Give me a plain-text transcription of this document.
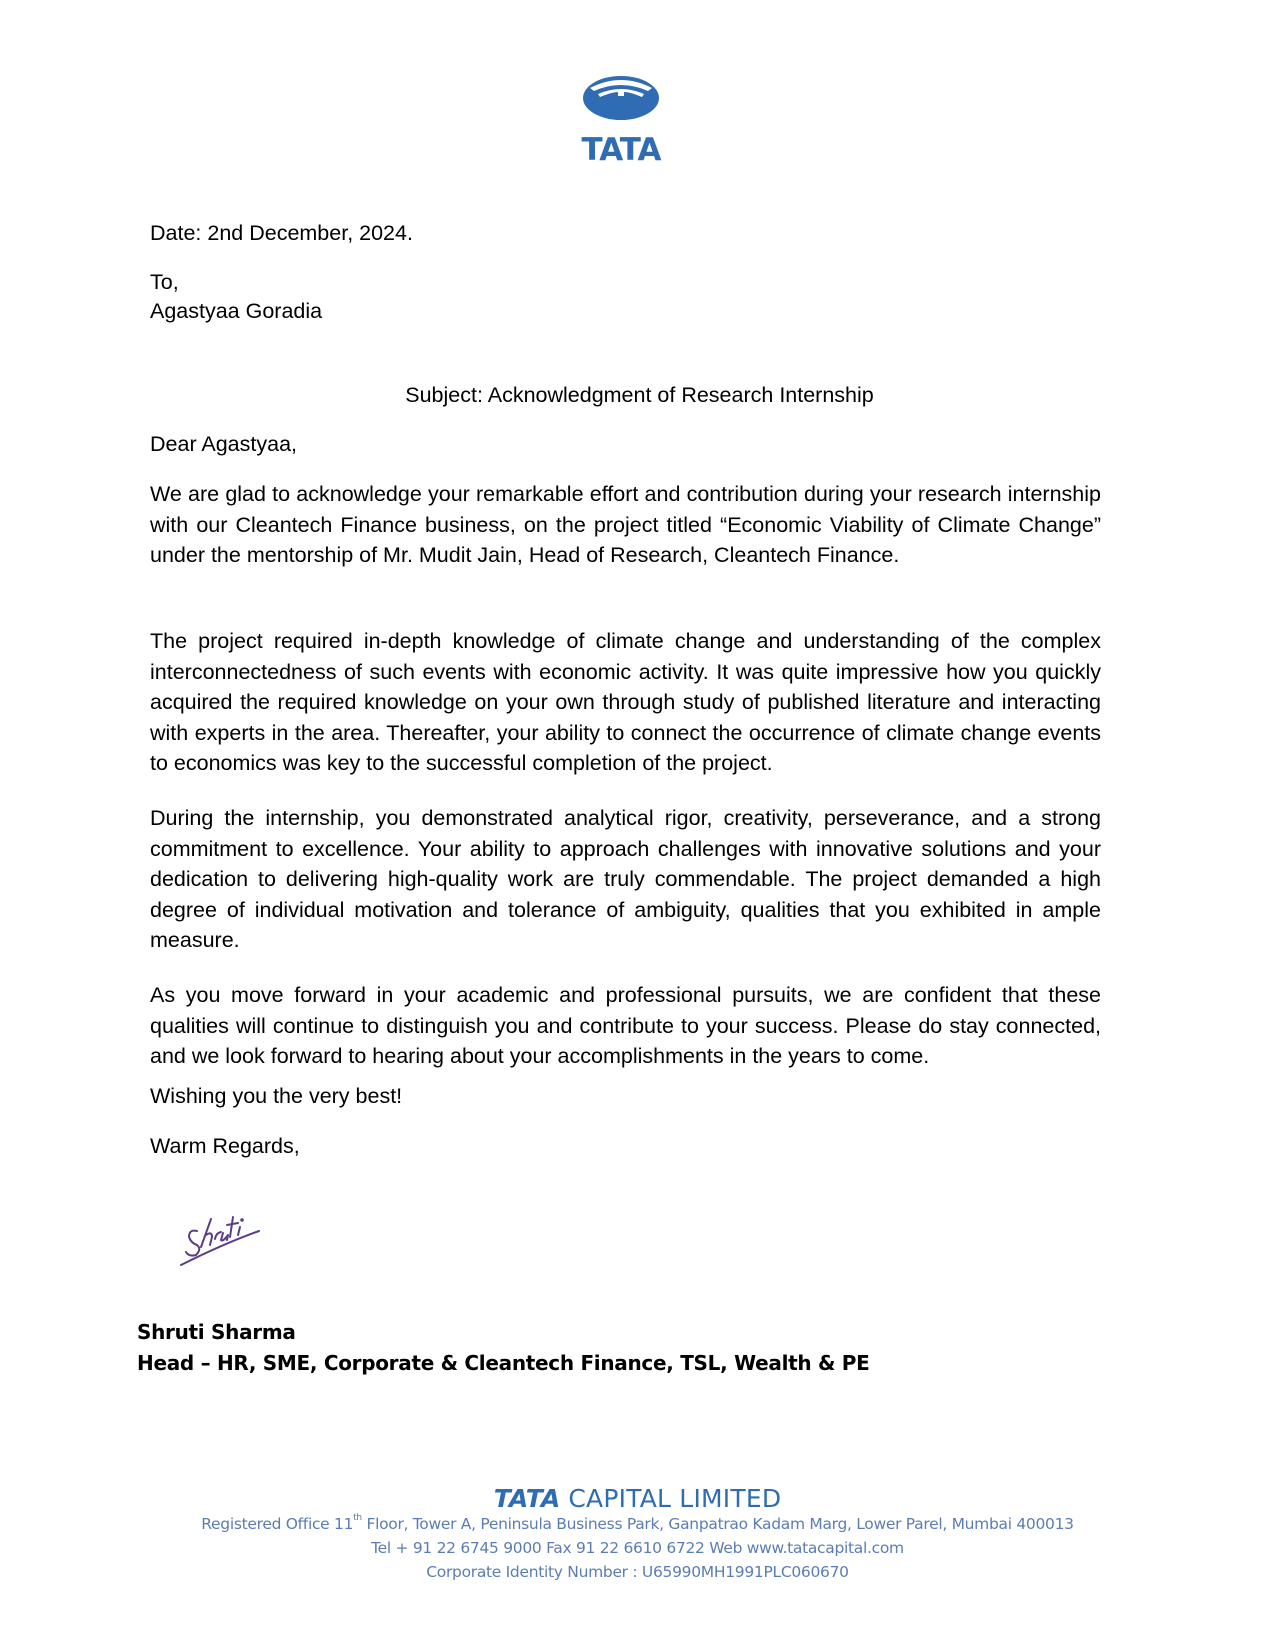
TATA
Date: 2nd December, 2024.
To,
Agastyaa Goradia
Subject: Acknowledgment of Research Internship
Dear Agastyaa,

We are glad to acknowledge your remarkable effort and contribution during your research internship with our Cleantech Finance business, on the project titled “Economic Viability of Climate Change” under the mentorship of Mr. Mudit Jain, Head of Research, Cleantech Finance.

The project required in-depth knowledge of climate change and understanding of the complex interconnectedness of such events with economic activity. It was quite impressive how you quickly acquired the required knowledge on your own through study of published literature and interacting with experts in the area. Thereafter, your ability to connect the occurrence of climate change events to economics was key to the successful completion of the project.

During the internship, you demonstrated analytical rigor, creativity, perseverance, and a strong commitment to excellence. Your ability to approach challenges with innovative solutions and your dedication to delivering high-quality work are truly commendable. The project demanded a high degree of individual motivation and tolerance of ambiguity, qualities that you exhibited in ample measure.

As you move forward in your academic and professional pursuits, we are confident that these qualities will continue to distinguish you and contribute to your success. Please do stay connected, and we look forward to hearing about your accomplishments in the years to come.

Wishing you the very best!
Warm Regards,
Shruti Sharma
Head – HR, SME, Corporate & Cleantech Finance, TSL, Wealth & PE
TATA CAPITAL LIMITED
Registered Office 11th Floor, Tower A, Peninsula Business Park, Ganpatrao Kadam Marg, Lower Parel, Mumbai 400013
Tel + 91 22 6745 9000 Fax 91 22 6610 6722 Web www.tatacapital.com
Corporate Identity Number : U65990MH1991PLC060670
